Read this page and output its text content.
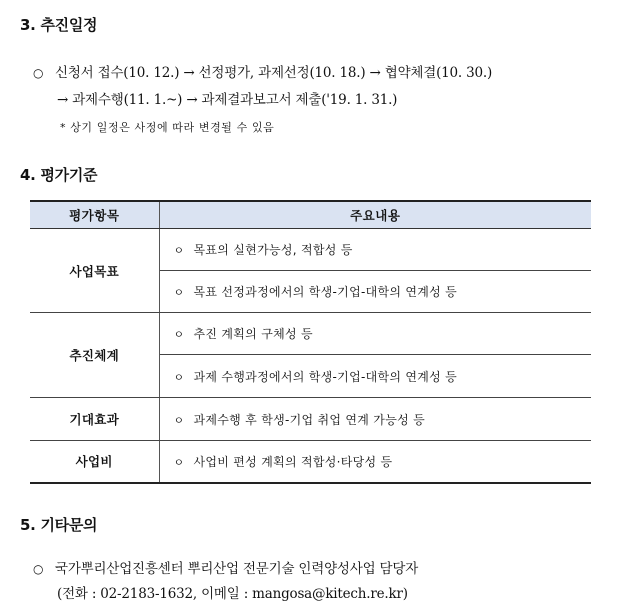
3. 추진일정
○ 신청서 접수(10. 12.) → 선정평가, 과제선정(10. 18.) → 협약체결(10. 30.)
→ 과제수행(11. 1.~) → 과제결과보고서 제출('19. 1. 31.)
* 상기 일정은 사정에 따라 변경될 수 있음
4. 평가기준
평가항목	주요내용
사업목표	ㅇ 목표의 실현가능성, 적합성 등
	ㅇ 목표 선정과정에서의 학생-기업-대학의 연계성 등
추진체계	ㅇ 추진 계획의 구체성 등
	ㅇ 과제 수행과정에서의 학생-기업-대학의 연계성 등
기대효과	ㅇ 과제수행 후 학생-기업 취업 연계 가능성 등
사업비	ㅇ 사업비 편성 계획의 적합성·타당성 등
5. 기타문의
○ 국가뿌리산업진흥센터 뿌리산업 전문기술 인력양성사업 담당자
(전화 : 02-2183-1632, 이메일 : mangosa@kitech.re.kr)
